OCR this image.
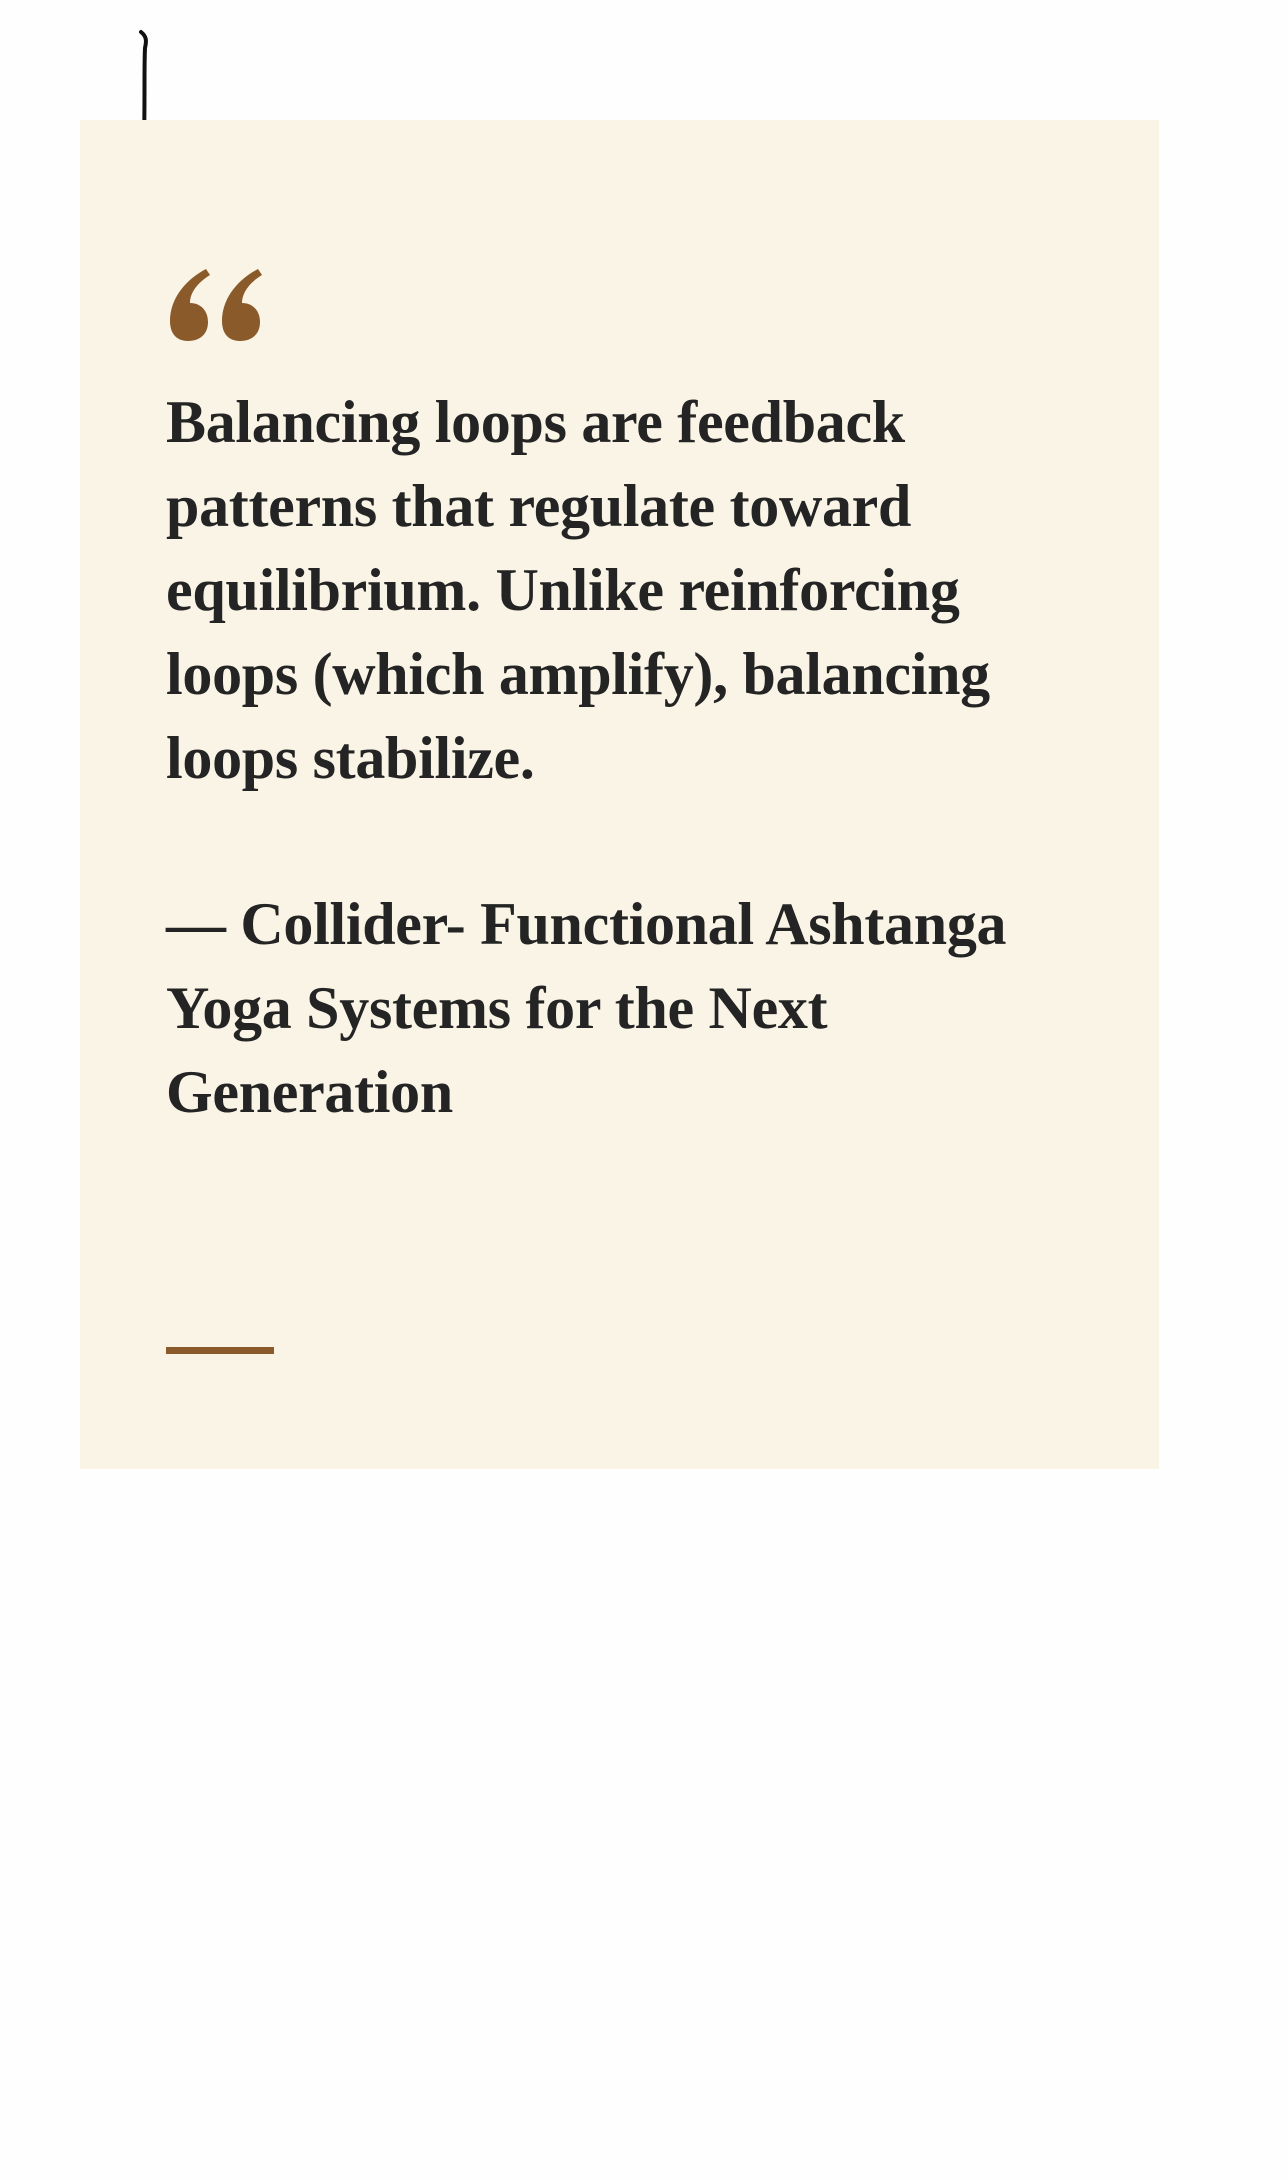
Balancing loops are feedback patterns that regulate toward equilibrium. Unlike reinforcing loops (which amplify), balancing loops stabilize.

— Collider- Functional Ashtanga Yoga Systems for the Next Generation
